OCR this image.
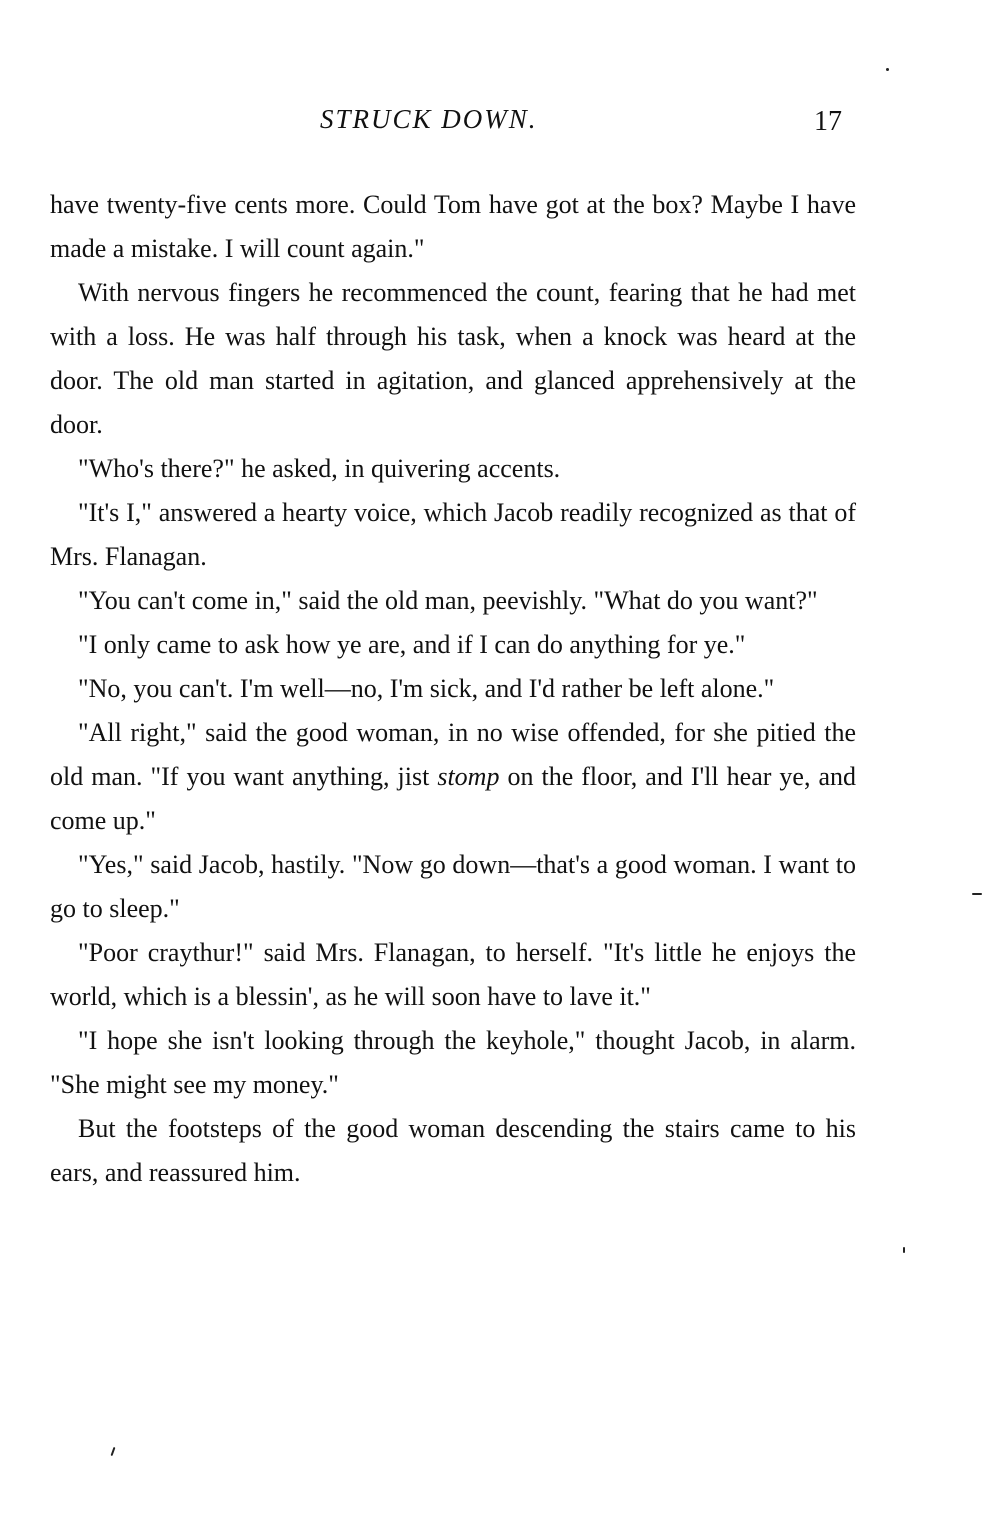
STRUCK DOWN.	17

have twenty-five cents more. Could Tom have got at the box? Maybe I have made a mistake. I will count again."

With nervous fingers he recommenced the count, fearing that he had met with a loss. He was half through his task, when a knock was heard at the door. The old man started in agitation, and glanced apprehensively at the door.

"Who's there?" he asked, in quivering accents.

"It's I," answered a hearty voice, which Jacob readily recognized as that of Mrs. Flanagan.

"You can't come in," said the old man, peevishly. "What do you want?"

"I only came to ask how ye are, and if I can do anything for ye."

"No, you can't. I'm well—no, I'm sick, and I'd rather be left alone."

"All right," said the good woman, in no wise offended, for she pitied the old man. "If you want anything, jist stomp on the floor, and I'll hear ye, and come up."

"Yes," said Jacob, hastily. "Now go down—that's a good woman. I want to go to sleep."

"Poor craythur!" said Mrs. Flanagan, to herself. "It's little he enjoys the world, which is a blessin', as he will soon have to lave it."

"I hope she isn't looking through the keyhole," thought Jacob, in alarm. "She might see my money."

But the footsteps of the good woman descending the stairs came to his ears, and reassured him.
